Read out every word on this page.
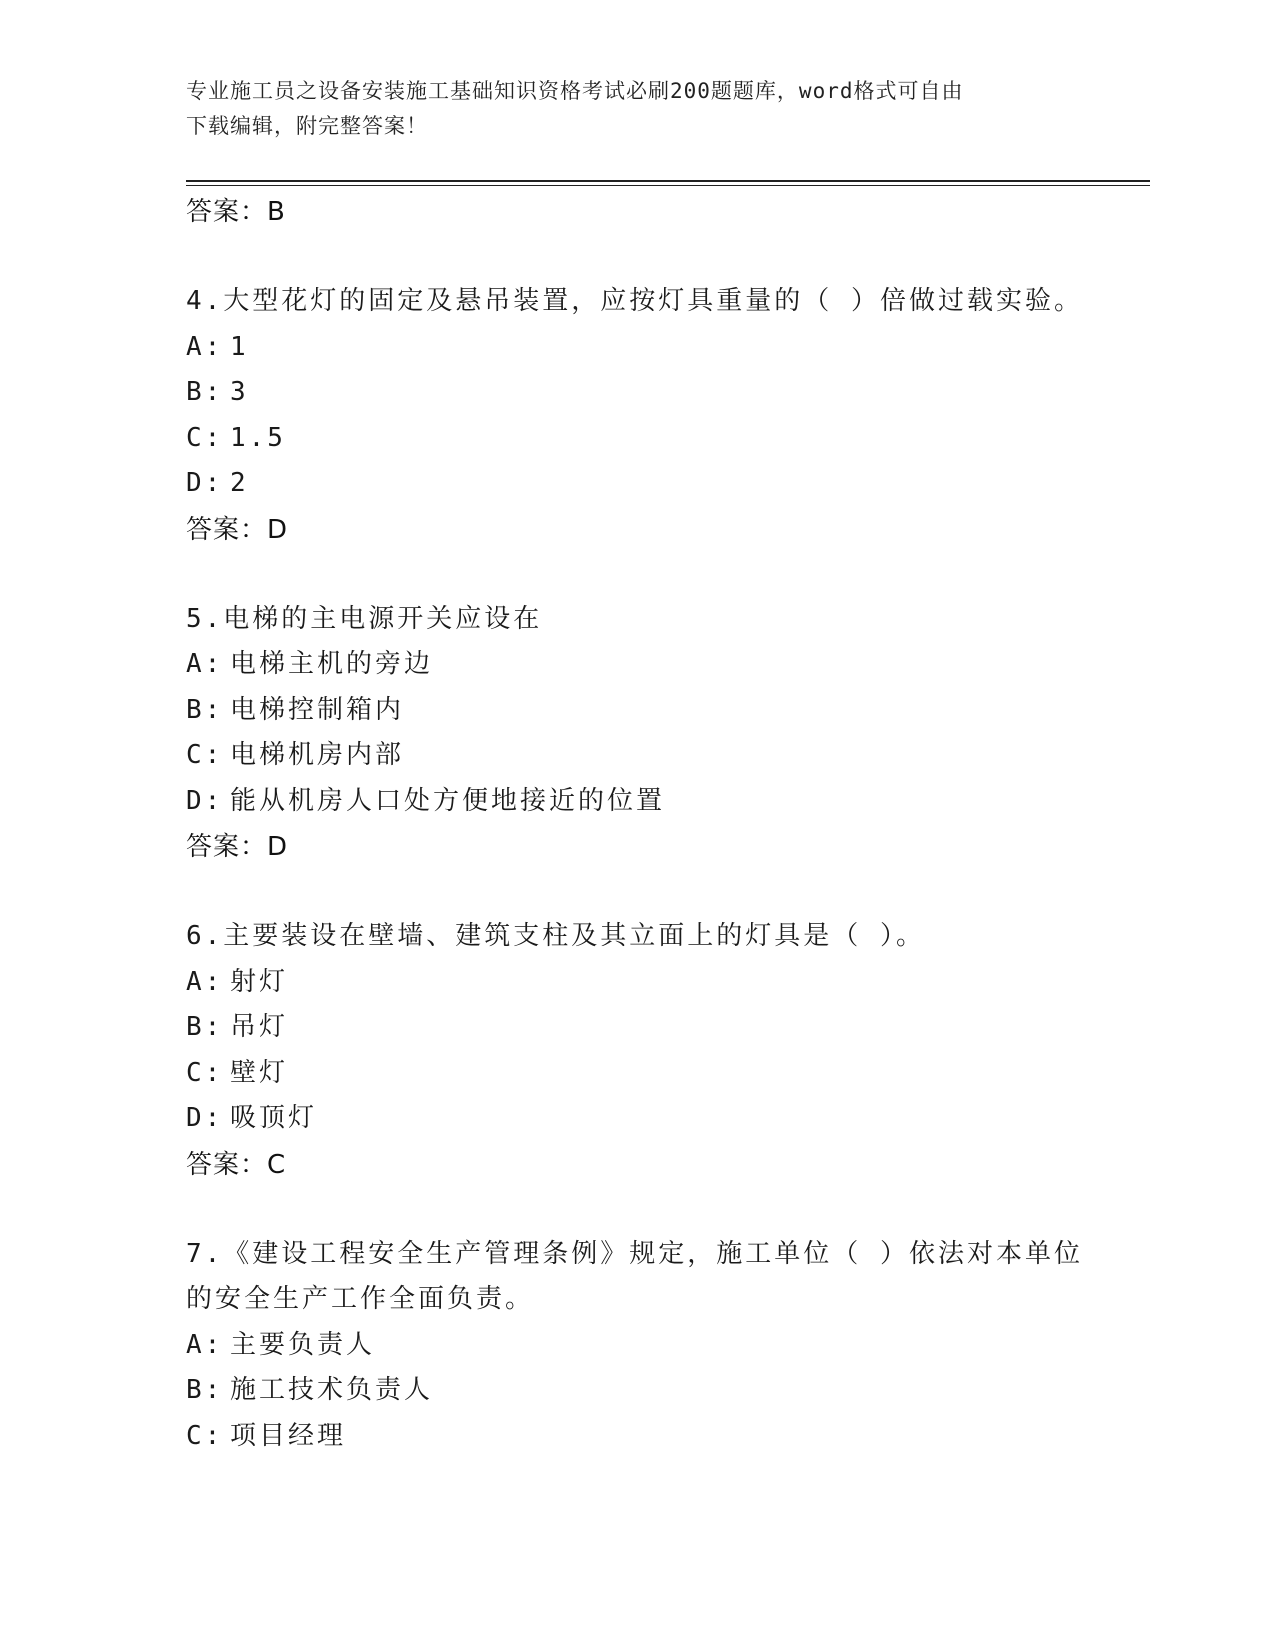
专业施工员之设备安装施工基础知识资格考试必刷200题题库，word格式可自由
下载编辑，附完整答案！
答案：B
4.大型花灯的固定及悬吊装置，应按灯具重量的（ ）倍做过载实验。
A: 1
B: 3
C: 1.5
D: 2
答案：D
5.电梯的主电源开关应设在
A: 电梯主机的旁边
B: 电梯控制箱内
C: 电梯机房内部
D: 能从机房人口处方便地接近的位置
答案：D
6.主要装设在壁墙、建筑支柱及其立面上的灯具是（ ）。
A: 射灯
B: 吊灯
C: 壁灯
D: 吸顶灯
答案：C
7.《建设工程安全生产管理条例》规定，施工单位（ ）依法对本单位
的安全生产工作全面负责。
A: 主要负责人
B: 施工技术负责人
C: 项目经理
